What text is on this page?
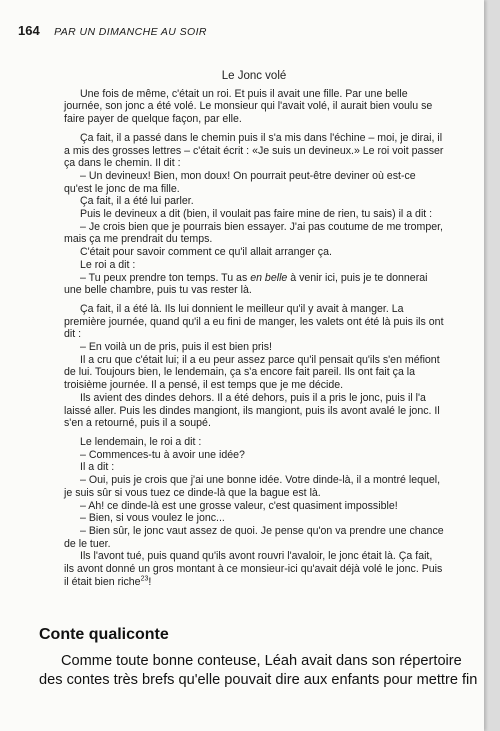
164 PAR UN DIMANCHE AU SOIR
Le Jonc volé

Une fois de même, c'était un roi. Et puis il avait une fille. Par une belle journée, son jonc a été volé. Le monsieur qui l'avait volé, il aurait bien voulu se faire payer de quelque façon, par elle.

Ça fait, il a passé dans le chemin puis il s'a mis dans l'échine – moi, je dirai, il a mis des grosses lettres – c'était écrit : «Je suis un devineux.» Le roi voit passer ça dans le chemin. Il dit :

– Un devineux! Bien, mon doux! On pourrait peut-être deviner où est-ce qu'est le jonc de ma fille.

Ça fait, il a été lui parler.

Puis le devineux a dit (bien, il voulait pas faire mine de rien, tu sais) il a dit :

– Je crois bien que je pourrais bien essayer. J'ai pas coutume de me tromper, mais ça me prendrait du temps.

C'était pour savoir comment ce qu'il allait arranger ça.

Le roi a dit :

– Tu peux prendre ton temps. Tu as en belle à venir ici, puis je te donnerai une belle chambre, puis tu vas rester là.

Ça fait, il a été là. Ils lui donnient le meilleur qu'il y avait à manger. La première journée, quand qu'il a eu fini de manger, les valets ont été là puis ils ont dit :

– En voilà un de pris, puis il est bien pris!

Il a cru que c'était lui; il a eu peur assez parce qu'il pensait qu'ils s'en méfiont de lui. Toujours bien, le lendemain, ça s'a encore fait pareil. Ils ont fait ça la troisième journée. Il a pensé, il est temps que je me décide.

Ils avient des dindes dehors. Il a été dehors, puis il a pris le jonc, puis il l'a laissé aller. Puis les dindes mangiont, ils mangiont, puis ils avont avalé le jonc. Il s'en a retourné, puis il a soupé.

Le lendemain, le roi a dit :

– Commences-tu à avoir une idée?

Il a dit :

– Oui, puis je crois que j'ai une bonne idée. Votre dinde-là, il a montré lequel, je suis sûr si vous tuez ce dinde-là que la bague est là.

– Ah! ce dinde-là est une grosse valeur, c'est quasiment impossible!

– Bien, si vous voulez le jonc...

– Bien sûr, le jonc vaut assez de quoi. Je pense qu'on va prendre une chance de le tuer.

Ils l'avont tué, puis quand qu'ils avont rouvri l'avaloir, le jonc était là. Ça fait, ils avont donné un gros montant à ce monsieur-ici qu'avait déjà volé le jonc. Puis il était bien riche$^{23}$!

Conte qualiconte

Comme toute bonne conteuse, Léah avait dans son répertoire des contes très brefs qu'elle pouvait dire aux enfants pour mettre fin
